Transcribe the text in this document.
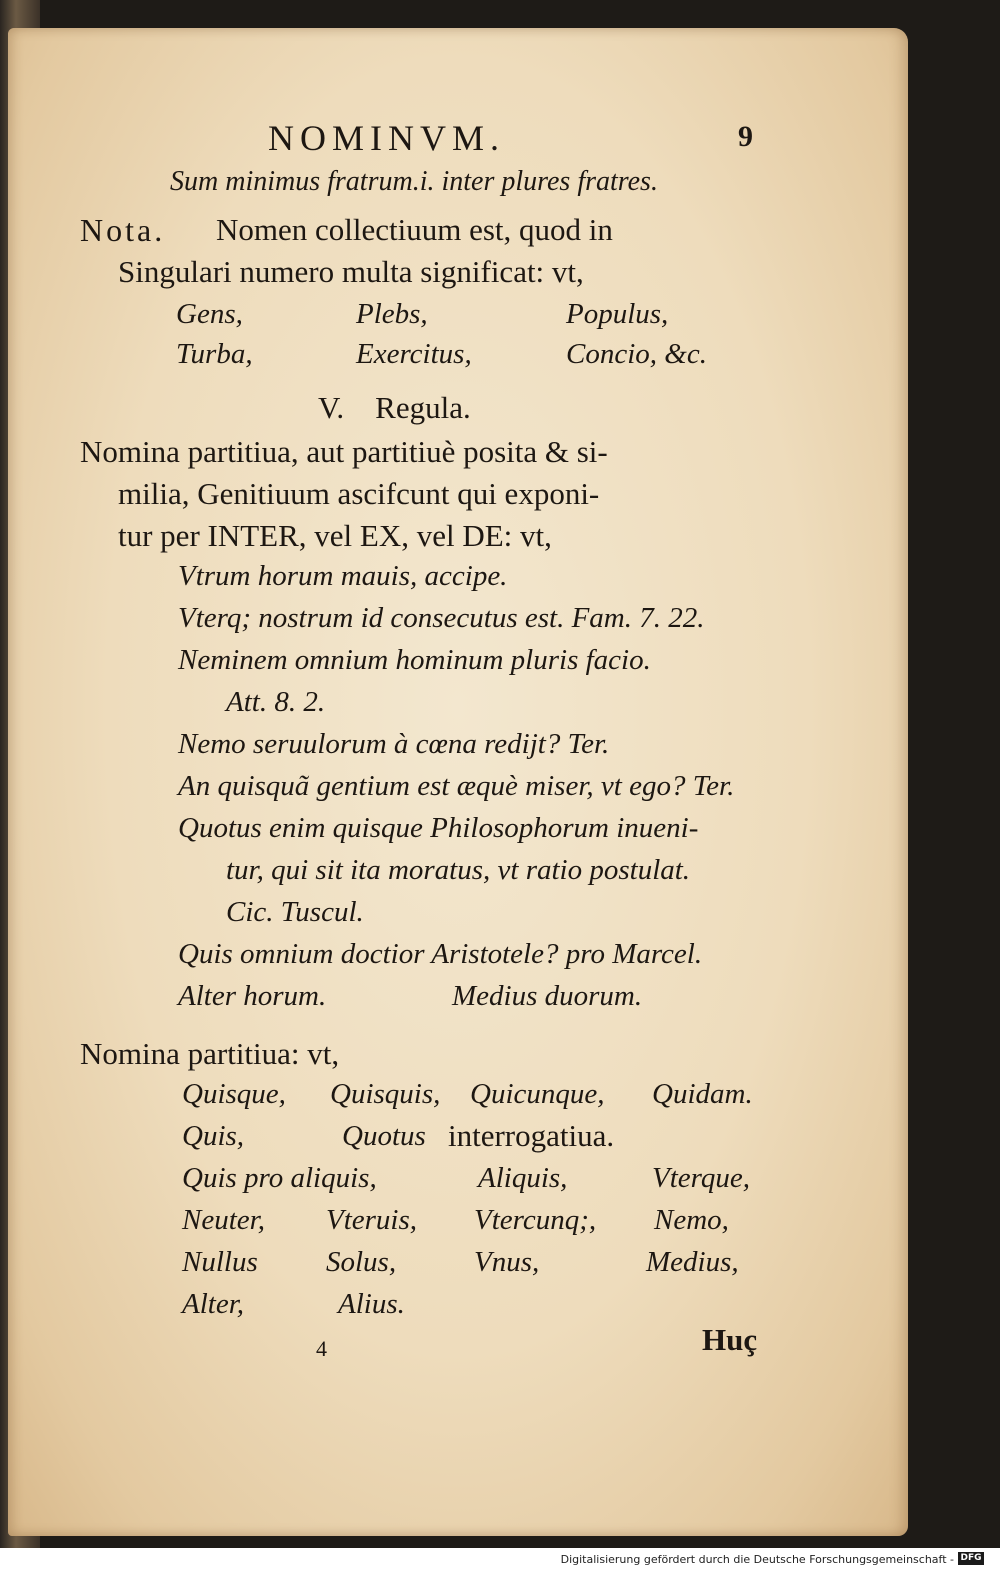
NOMINVM.	9
Sum minimus fratrum.i. inter plures fratres.
Nota. Nomen collectiuum est, quod in
Singulari numero multa significat: vt,
Gens,	Plebs,	Populus,
Turba,	Exercitus,	Concio, &c.
V.    Regula.
Nomina partitiua, aut partitiuè posita & si-
milia, Genitiuum ascifcunt qui exponi-
tur per INTER, vel EX, vel DE: vt,
Vtrum horum mauis, accipe.
Vterq; nostrum id consecutus est. Fam. 7. 22.
Neminem omnium hominum pluris facio.
Att. 8. 2.
Nemo seruulorum à cœna rediјt? Ter.
An quisquã gentium est æquè miser, vt ego? Ter.
Quotus enim quisque Philosophorum inueni-
tur, qui sit ita moratus, vt ratio postulat.
Cic. Tuscul.
Quis omnium doctior Aristotele? pro Marcel.
Alter horum.	Medius duorum.
Nomina partitiua: vt,
Quisque, Quisquis, Quicunque, Quidam.
Quis,	Quotus interrogatiua.
Quis pro aliquis,	Aliquis,	Vterque,
Neuter, Vteruis, Vtercunq;, Nemo,
Nullus Solus,	Vnus,	Medius,
Alter,	Alius.
4	Huç
Digitalisierung gefördert durch die Deutsche Forschungsgemeinschaft - DFG
